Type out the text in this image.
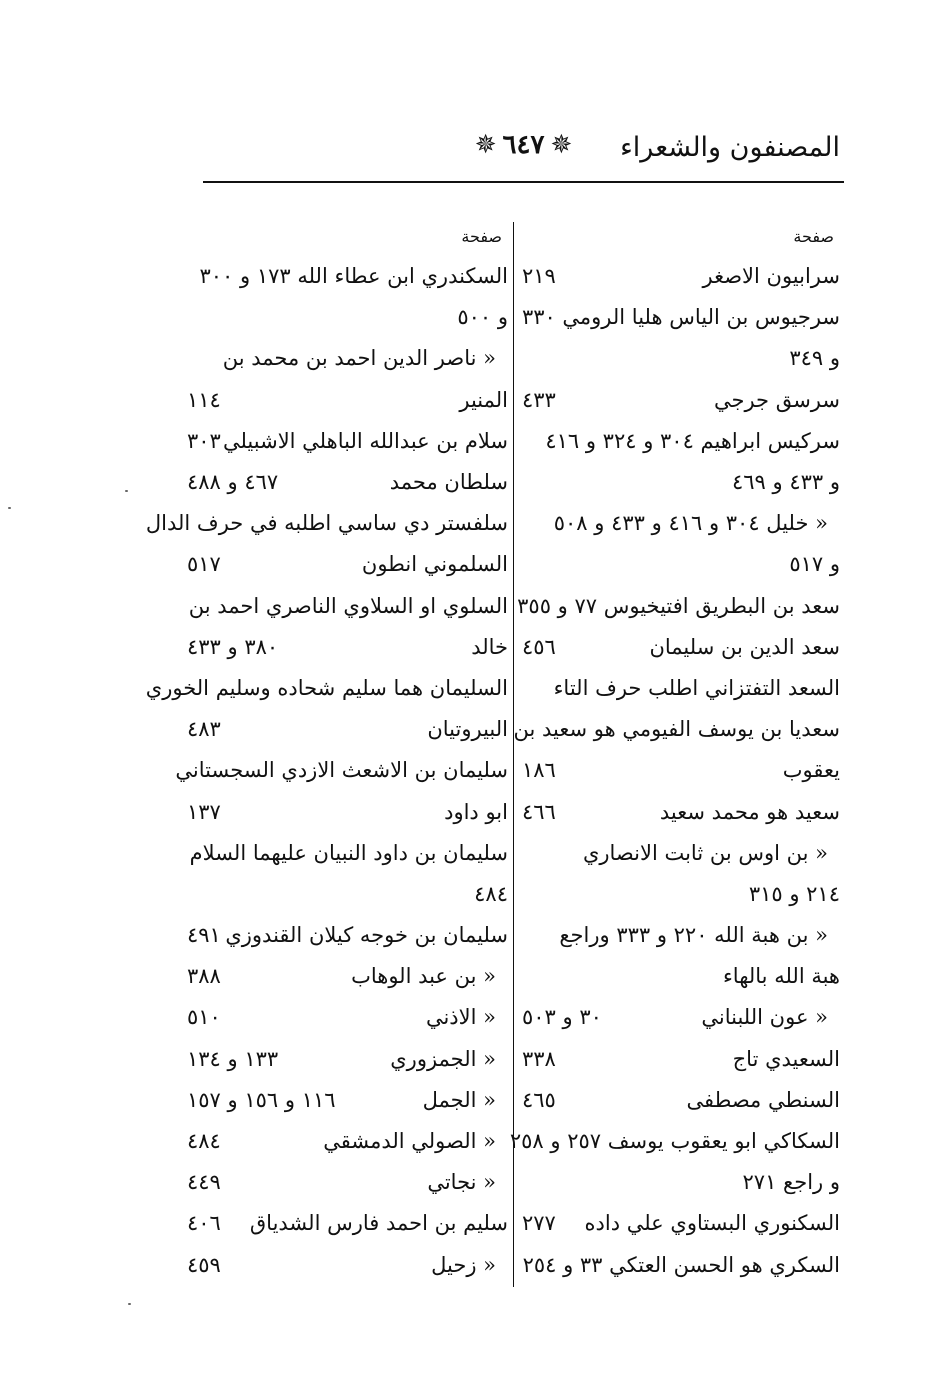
المصنفون والشعراء
✵ ٦٤٧ ✵
صفحة
سرابيون الاصغر
٢١٩
سرجيوس بن الياس هليا الرومي
٣٣٠
و ٣٤٩
سرسق جرجي
٤٣٣
سركيس ابراهيم ٣٠٤ و ٣٢٤ و ٤١٦
و ٤٣٣ و ٤٦٩
« خليل ٣٠٤ و ٤١٦ و ٤٣٣ و ٥٠٨
و ٥١٧
سعد بن البطريق افتيخيوس ٧٧ و ٣٥٥
سعد الدين بن سليمان
٤٥٦
السعد التفتزاني اطلب حرف التاء
سعديا بن يوسف الفيومي هو سعيد بن
يعقوب
١٨٦
سعيد هو محمد سعيد
٤٦٦
« بن اوس بن ثابت الانصاري
٢١٤ و ٣١٥
« بن هبة الله ٢٢٠ و ٣٣٣ وراجع
هبة الله بالهاء
« عون اللبناني
٣٠ و ٥٠٣
السعيدي تاج
٣٣٨
السنطي مصطفى
٤٦٥
السكاكي ابو يعقوب يوسف ٢٥٧ و ٢٥٨
و راجع ٢٧١
السكنوري البستاوي علي داده
٢٧٧
السكري هو الحسن العتكي ٣٣ و ٢٥٤
صفحة
السكندري ابن عطاء الله ١٧٣ و ٣٠٠
و ٥٠٠
« ناصر الدين احمد بن محمد بن
المنير
١١٤
سلام بن عبدالله الباهلي الاشبيلي
٣٠٣
سلطان محمد
٤٦٧ و ٤٨٨
سلفستر دي ساسي اطلبه في حرف الدال
السلموني انطون
٥١٧
السلوي او السلاوي الناصري احمد بن
خالد
٣٨٠ و ٤٣٣
السليمان هما سليم شحاده وسليم الخوري
البيروتيان
٤٨٣
سليمان بن الاشعث الازدي السجستاني
ابو داود
١٣٧
سليمان بن داود النبيان عليهما السلام
٤٨٤
سليمان بن خوجه كيلان القندوزي
٤٩١
« بن عبد الوهاب
٣٨٨
« الاذني
٥١٠
« الجمزوري
١٣٣ و ١٣٤
« الجمل
١١٦ و ١٥٦ و ١٥٧
« الصولي الدمشقي
٤٨٤
« نجاتي
٤٤٩
سليم بن احمد فارس الشدياق
٤٠٦
« زحيل
٤٥٩
